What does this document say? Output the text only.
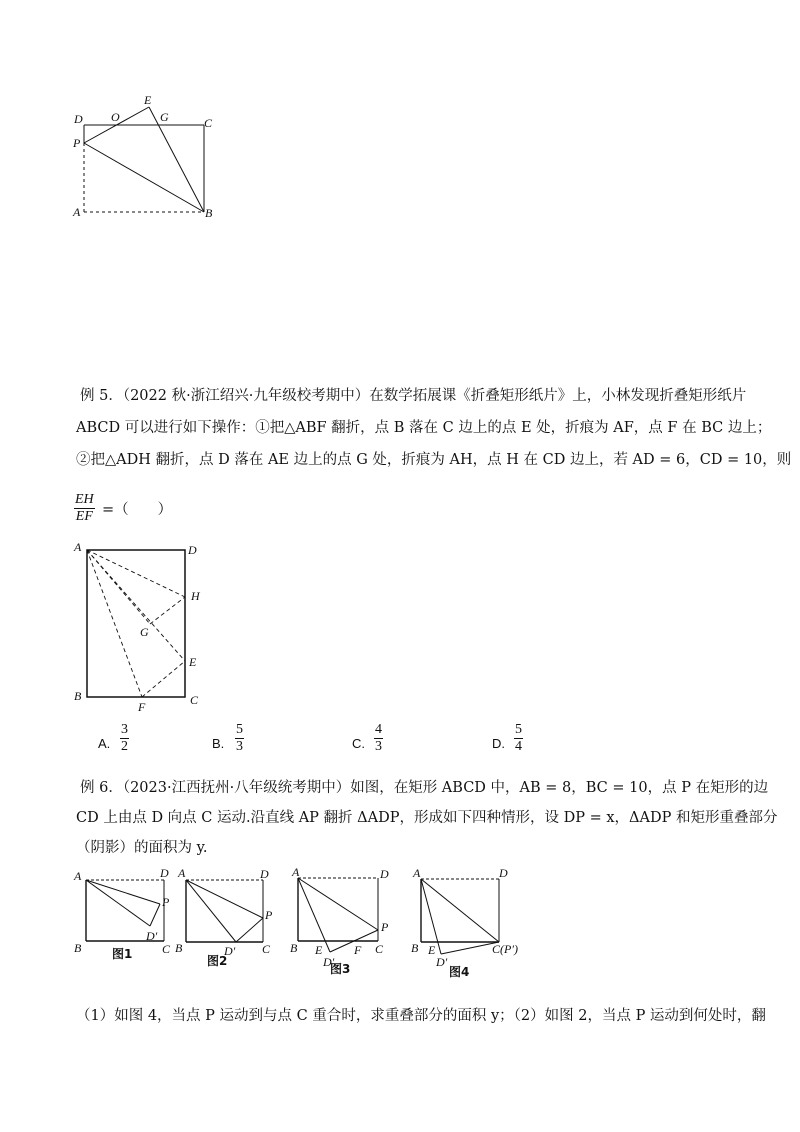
D O
E
G	C
P
A	B
例 5．（2022 秋·浙江绍兴·九年级校考期中）在数学拓展课《折叠矩形纸片》上，小林发现折叠矩形纸片
ABCD 可以进行如下操作：①把△ABF 翻折，点 B 落在 C 边上的点 E 处，折痕为 AF，点 F 在 BC 边上；
②把△ADH 翻折，点 D 落在 AE 边上的点 G 处，折痕为 AH，点 H 在 CD 边上，若 AD = 6，CD = 10，则
$\frac{EH}{EF}$ =（　　）
A	D
H
G
E
B
F	C
A. $\frac{3}{2}$	B. $\frac{5}{3}$	C. $\frac{4}{3}$	D. $\frac{5}{4}$
例 6．（2023·江西抚州·八年级统考期中）如图，在矩形 ABCD 中，AB = 8，BC = 10，点 P 在矩形的边
CD 上由点 D 向点 C 运动.沿直线 AP 翻折 ΔADP，形成如下四种情形，设 DP = x，ΔADP 和矩形重叠部分
（阴影）的面积为 y.
A	D
P
D′
B	C
图1
A	D
P
D′
B	C
图2
A	D
P
E	F
D′
B	C
图3
A	D
C(P′)
E
D′
B
图4
（1）如图 4，当点 P 运动到与点 C 重合时，求重叠部分的面积 y；（2）如图 2，当点 P 运动到何处时，翻
